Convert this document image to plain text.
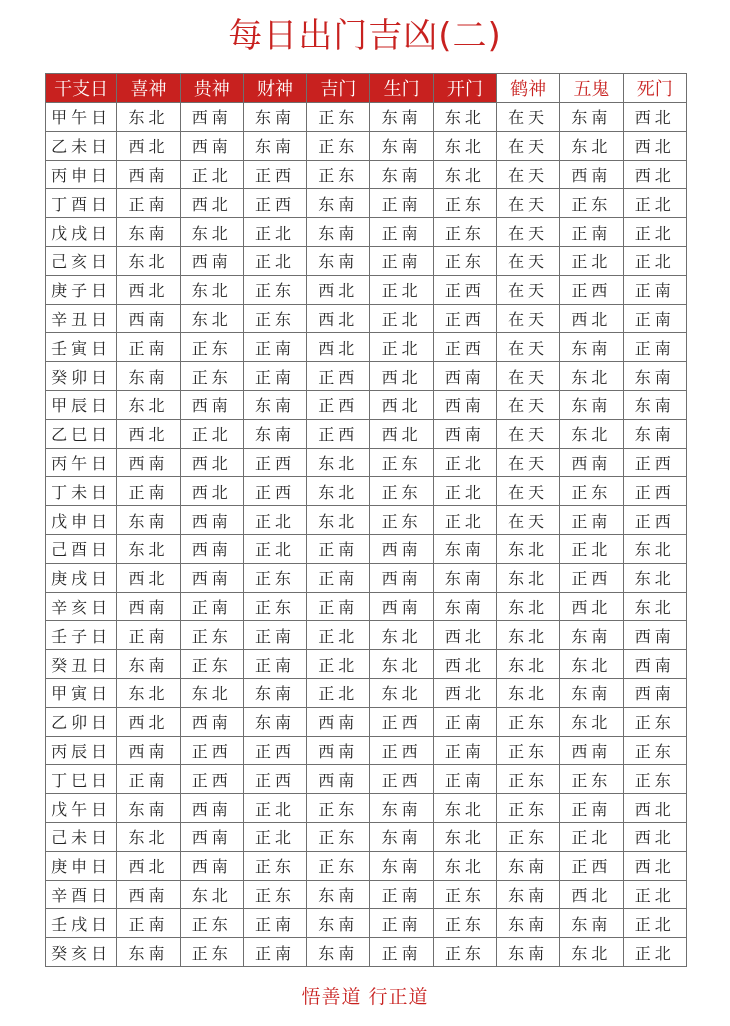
每日出门吉凶(二)
干支日	喜神	贵神	财神	吉门	生门	开门	鹤神	五鬼	死门
甲午日	东北	西南	东南	正东	东南	东北	在天	东南	西北
乙未日	西北	西南	东南	正东	东南	东北	在天	东北	西北
丙申日	西南	正北	正西	正东	东南	东北	在天	西南	西北
丁酉日	正南	西北	正西	东南	正南	正东	在天	正东	正北
戊戌日	东南	东北	正北	东南	正南	正东	在天	正南	正北
己亥日	东北	西南	正北	东南	正南	正东	在天	正北	正北
庚子日	西北	东北	正东	西北	正北	正西	在天	正西	正南
辛丑日	西南	东北	正东	西北	正北	正西	在天	西北	正南
壬寅日	正南	正东	正南	西北	正北	正西	在天	东南	正南
癸卯日	东南	正东	正南	正西	西北	西南	在天	东北	东南
甲辰日	东北	西南	东南	正西	西北	西南	在天	东南	东南
乙巳日	西北	正北	东南	正西	西北	西南	在天	东北	东南
丙午日	西南	西北	正西	东北	正东	正北	在天	西南	正西
丁未日	正南	西北	正西	东北	正东	正北	在天	正东	正西
戊申日	东南	西南	正北	东北	正东	正北	在天	正南	正西
己酉日	东北	西南	正北	正南	西南	东南	东北	正北	东北
庚戌日	西北	西南	正东	正南	西南	东南	东北	正西	东北
辛亥日	西南	正南	正东	正南	西南	东南	东北	西北	东北
壬子日	正南	正东	正南	正北	东北	西北	东北	东南	西南
癸丑日	东南	正东	正南	正北	东北	西北	东北	东北	西南
甲寅日	东北	东北	东南	正北	东北	西北	东北	东南	西南
乙卯日	西北	西南	东南	西南	正西	正南	正东	东北	正东
丙辰日	西南	正西	正西	西南	正西	正南	正东	西南	正东
丁巳日	正南	正西	正西	西南	正西	正南	正东	正东	正东
戊午日	东南	西南	正北	正东	东南	东北	正东	正南	西北
己未日	东北	西南	正北	正东	东南	东北	正东	正北	西北
庚申日	西北	西南	正东	正东	东南	东北	东南	正西	西北
辛酉日	西南	东北	正东	东南	正南	正东	东南	西北	正北
壬戌日	正南	正东	正南	东南	正南	正东	东南	东南	正北
癸亥日	东南	正东	正南	东南	正南	正东	东南	东北	正北
悟善道 行正道
